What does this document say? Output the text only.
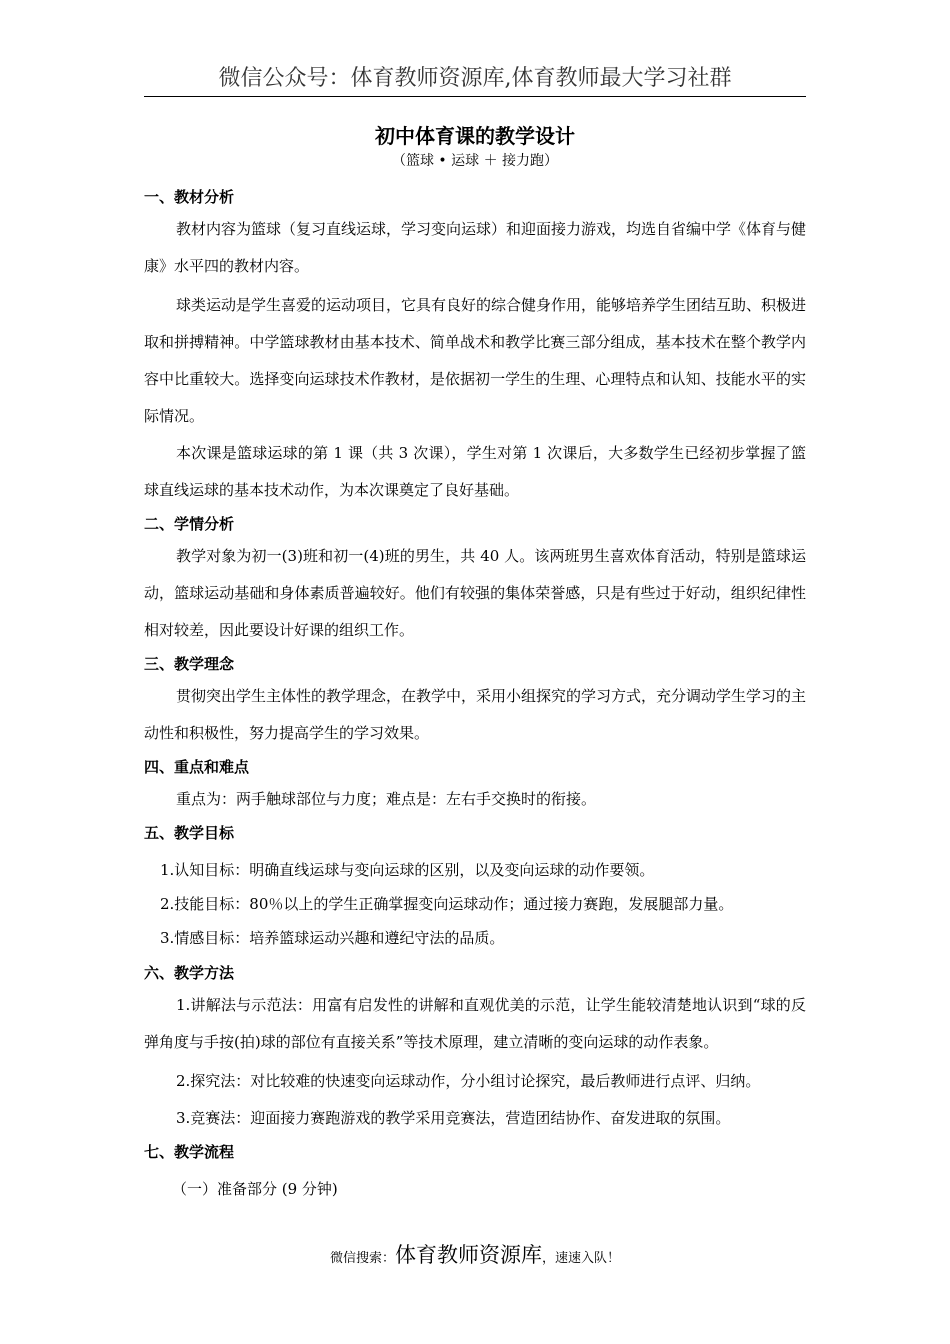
微信公众号：体育教师资源库,体育教师最大学习社群
初中体育课的教学设计
（篮球 • 运球 ＋ 接力跑）
一、教材分析

教材内容为篮球（复习直线运球，学习变向运球）和迎面接力游戏，均选自省编中学《体育与健康》水平四的教材内容。

球类运动是学生喜爱的运动项目，它具有良好的综合健身作用，能够培养学生团结互助、积极进取和拼搏精神。中学篮球教材由基本技术、简单战术和教学比赛三部分组成，基本技术在整个教学内容中比重较大。选择变向运球技术作教材，是依据初一学生的生理、心理特点和认知、技能水平的实际情况。

本次课是篮球运球的第 1 课（共 3 次课），学生对第 1 次课后，大多数学生已经初步掌握了篮球直线运球的基本技术动作，为本次课奠定了良好基础。

二、学情分析

教学对象为初一(3)班和初一(4)班的男生，共 40 人。该两班男生喜欢体育活动，特别是篮球运动，篮球运动基础和身体素质普遍较好。他们有较强的集体荣誉感，只是有些过于好动，组织纪律性相对较差，因此要设计好课的组织工作。

三、教学理念

贯彻突出学生主体性的教学理念，在教学中，采用小组探究的学习方式，充分调动学生学习的主动性和积极性，努力提高学生的学习效果。

四、重点和难点

重点为：两手触球部位与力度；难点是：左右手交换时的衔接。

五、教学目标

1.认知目标：明确直线运球与变向运球的区别，以及变向运球的动作要领。

2.技能目标：80％以上的学生正确掌握变向运球动作；通过接力赛跑，发展腿部力量。

3.情感目标：培养篮球运动兴趣和遵纪守法的品质。

六、教学方法

1.讲解法与示范法：用富有启发性的讲解和直观优美的示范，让学生能较清楚地认识到“球的反弹角度与手按(拍)球的部位有直接关系”等技术原理，建立清晰的变向运球的动作表象。

2.探究法：对比较难的快速变向运球动作，分小组讨论探究，最后教师进行点评、归纳。

3.竞赛法：迎面接力赛跑游戏的教学采用竞赛法，营造团结协作、奋发进取的氛围。

七、教学流程

（一）准备部分 (9 分钟)

微信搜索：体育教师资源库，速速入队！
